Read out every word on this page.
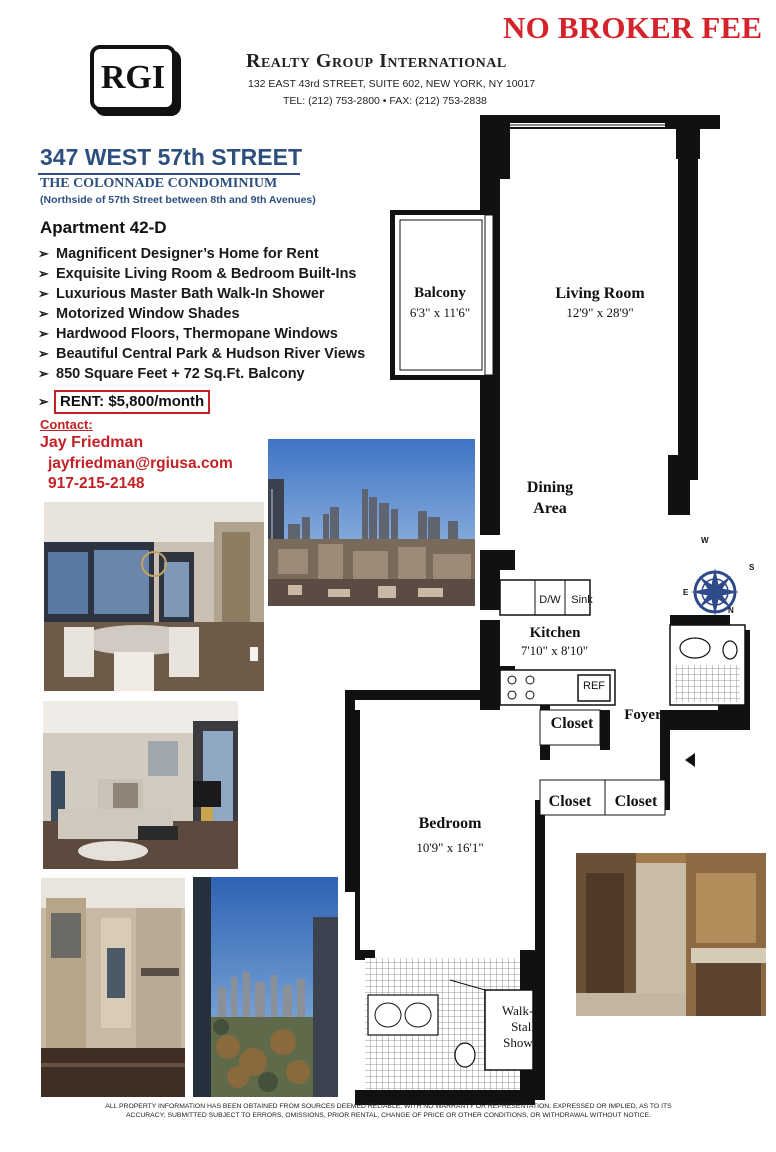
NO BROKER FEE
RGI	Realty Group International
132 EAST 43rd STREET, SUITE 602, NEW YORK, NY 10017
TEL: (212) 753-2800 • FAX: (212) 753-2838
347 WEST 57th STREET
THE COLONNADE CONDOMINIUM
(Northside of 57th Street between 8th and 9th Avenues)
Apartment 42-D
➢ Magnificent Designer’s Home for Rent
➢ Exquisite Living Room & Bedroom Built-Ins
➢ Luxurious Master Bath Walk-In Shower
➢ Motorized Window Shades
➢ Hardwood Floors, Thermopane Windows
➢ Beautiful Central Park & Hudson River Views
➢ 850 Square Feet + 72 Sq.Ft. Balcony
➢ RENT: $5,800/month
Contact:
Jay Friedman
jayfriedman@rgiusa.com
917-215-2148
Balcony
6'3" x 11'6"
Living Room
12'9" x 28'9"
Dining
Area
D/W Sink
Kitchen
7'10" x 8'10"
REF
Closet	Foyer
Closet	Closet
Bedroom
10'9" x 16'1"
Walk-In
Stall
Shower
W
E
S
N
ALL PROPERTY INFORMATION HAS BEEN OBTAINED FROM SOURCES DEEMED RELIABLE, WITH NO WARRANTY OR REPRESENTATION, EXPRESSED OR IMPLIED, AS TO ITS ACCURACY; SUBMITTED SUBJECT TO ERRORS, OMISSIONS, PRIOR RENTAL, CHANGE OF PRICE OR OTHER CONDITIONS, OR WITHDRAWAL WITHOUT NOTICE.
